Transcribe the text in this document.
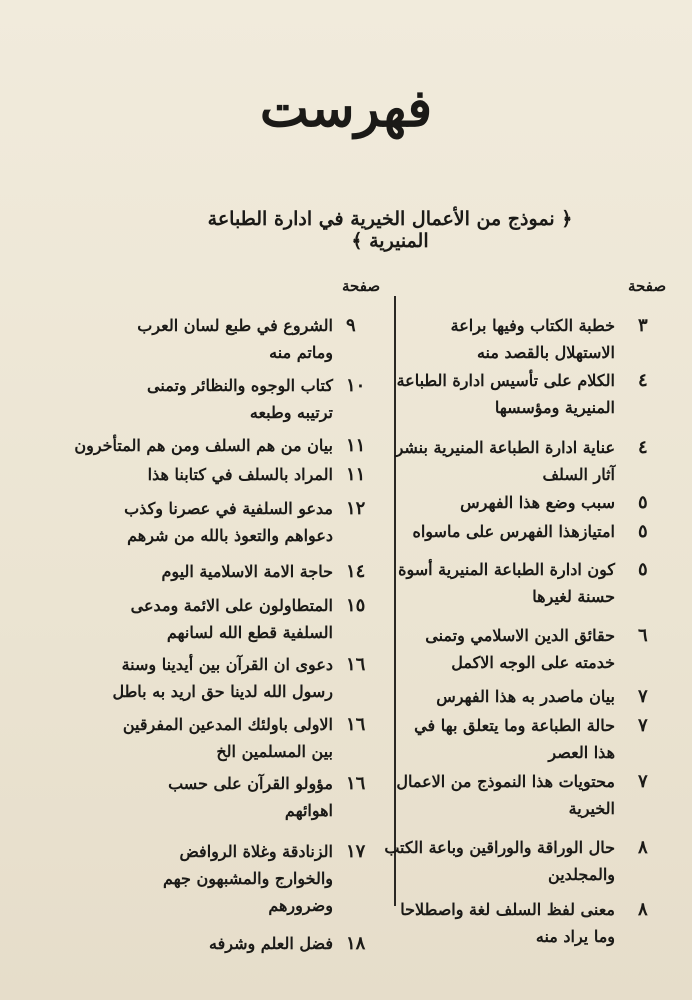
فهرست
﴿ نموذج من الأعمال الخيرية في ادارة الطباعة المنيرية ﴾
صفحة
صفحة
٣
خطبة الكتاب وفيها براعة
الاستهلال بالقصد منه
٤
الكلام على تأسيس ادارة الطباعة
المنيرية ومؤسسها
٤
عناية ادارة الطباعة المنيرية بنشر
آثار السلف
٥
سبب وضع هذا الفهرس
٥
امتيازهذا الفهرس على ماسواه
٥
كون ادارة الطباعة المنيرية أسوة
حسنة لغيرها
٦
حقائق الدين الاسلامي وتمنى
خدمته على الوجه الاكمل
٧
بيان ماصدر به هذا الفهرس
٧
حالة الطباعة وما يتعلق بها في
هذا العصر
٧
محتويات هذا النموذج من الاعمال
الخيرية
٨
حال الوراقة والوراقين وباعة الكتب
والمجلدين
٨
معنى لفظ السلف لغة واصطلاحا
وما يراد منه
٩
الشروع في طبع لسان العرب
وماتم منه
١٠
كتاب الوجوه والنظائر وتمنى
ترتيبه وطبعه
١١
بيان من هم السلف ومن هم المتأخرون
١١
المراد بالسلف في كتابنا هذا
١٢
مدعو السلفية في عصرنا وكذب
دعواهم والتعوذ بالله من شرهم
١٤
حاجة الامة الاسلامية اليوم
١٥
المتطاولون على الائمة ومدعى
السلفية قطع الله لسانهم
١٦
دعوى ان القرآن بين أيدينا وسنة
رسول الله لدينا حق اريد به باطل
١٦
الاولى باولئك المدعين المفرقين
بين المسلمين الخ
١٦
مؤولو القرآن على حسب
اهوائهم
١٧
الزنادقة وغلاة الروافض
والخوارج والمشبهون جهم
وضرورهم
١٨
فضل العلم وشرفه
